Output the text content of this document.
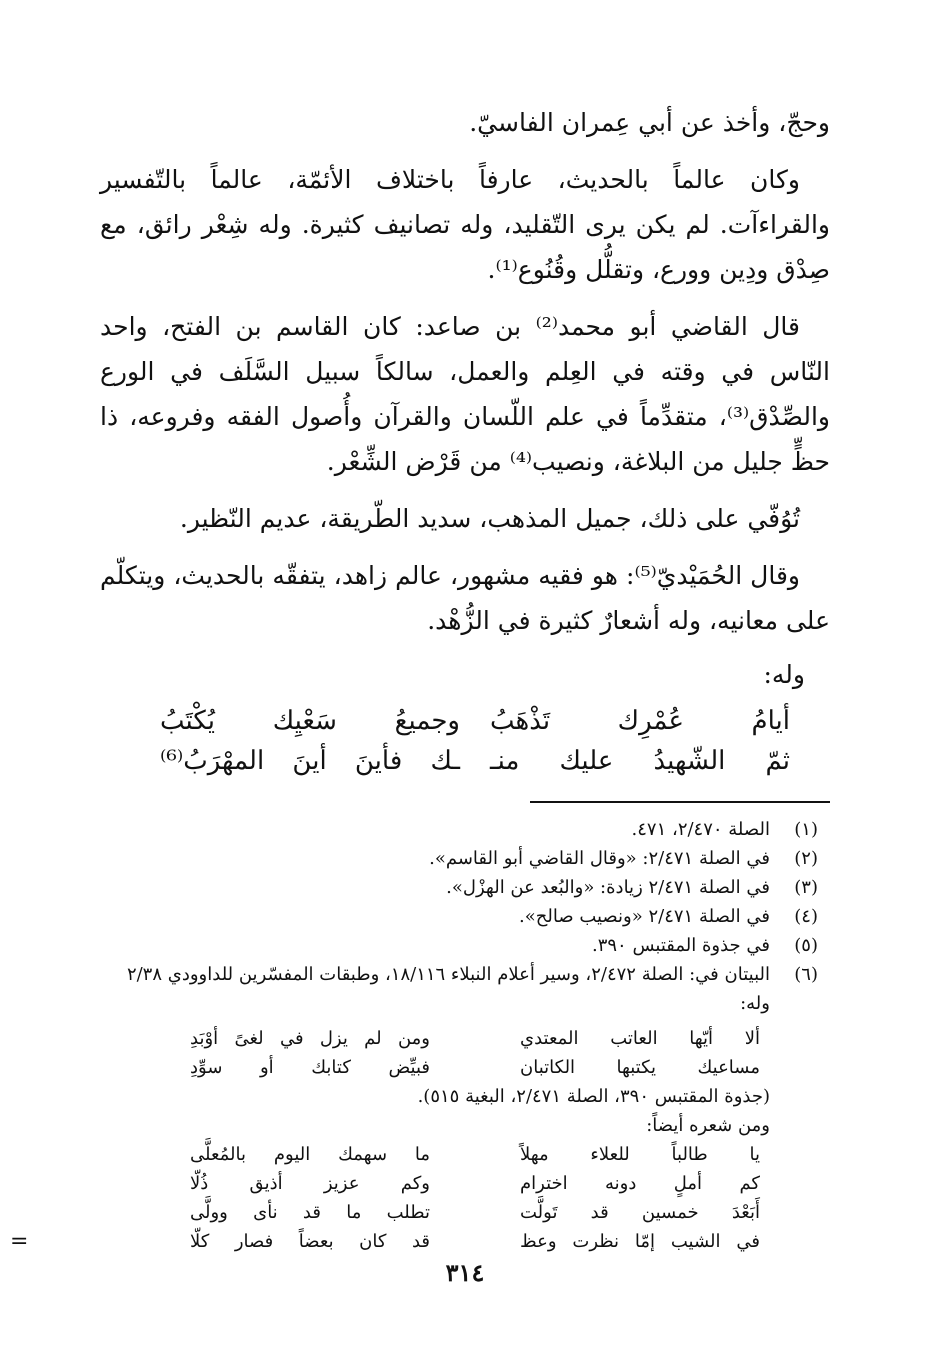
وحجّ، وأخذ عن أبي عِمران الفاسيّ.

وكان عالماً بالحديث، عارفاً باختلاف الأئمّة، عالماً بالتّفسير والقراءآت. لم يكن يرى التّقليد، وله تصانيف كثيرة. وله شِعْر رائق، مع صِدْق ودِين وورع، وتقلُّل وقُنُوع⁽¹⁾.

قال القاضي أبو محمد⁽²⁾ بن صاعد: كان القاسم بن الفتح، واحد النّاس في وقته في العِلم والعمل، سالكاً سبيل السَّلَف في الورع والصِّدْق⁽³⁾، متقدِّماً في علم اللّسان والقرآن وأُصول الفقه وفروعه، ذا حظٍّ جليل من البلاغة، ونصيب⁽⁴⁾ من قَرْض الشِّعْر.

تُوُفّي على ذلك، جميل المذهب، سديد الطّريقة، عديم النّظير.

وقال الحُمَيْديّ⁽⁵⁾: هو فقيه مشهور، عالم زاهد، يتفقّه بالحديث، ويتكلّم على معانيه، وله أشعارٌ كثيرة في الزُّهْد.

وله:
أيامُ عُمْرِك تَذْهَبُ
وجميعُ سَعْيِك يُكْتَبُ
ثمّ الشّهيدُ عليك منـ
ـك فأينَ أينَ المهْرَبُ⁽⁶⁾
(١)
الصلة ٢/٤٧٠، ٤٧١.
(٢)
في الصلة ٢/٤٧١: «وقال القاضي أبو القاسم».
(٣)
في الصلة ٢/٤٧١ زيادة: «والبُعد عن الهزْل».
(٤)
في الصلة ٢/٤٧١ «ونصيب صالح».
(٥)
في جذوة المقتبس ٣٩٠.
(٦)
البيتان في: الصلة ٢/٤٧٢، وسير أعلام النبلاء ١٨/١١٦، وطبقات المفسّرين للداوودي ٢/٣٨ وله:
ألا أيّها العاتب المعتدي
ومن لم يزل في لغىً أوْبَدِ
مساعيك يكتبها الكاتبان
فبيِّض كتابك أو سوِّدِ
(جذوة المقتبس ٣٩٠، الصلة ٢/٤٧١، البغية ٥١٥).
ومن شعره أيضاً:
يا طالباً للعلاء مهلاً
ما سهمك اليوم بالمُعلَّى
كم أملٍ دونه اخترام
وكم عزيز أذيق ذُلّا
أَبَعْدَ خمسين قد تَولَّت
تطلب ما قد نأى وولَّى
في الشيب إمّا نظرت وعظ
قد كان بعضاً فصار كلّا
=
٣١٤
